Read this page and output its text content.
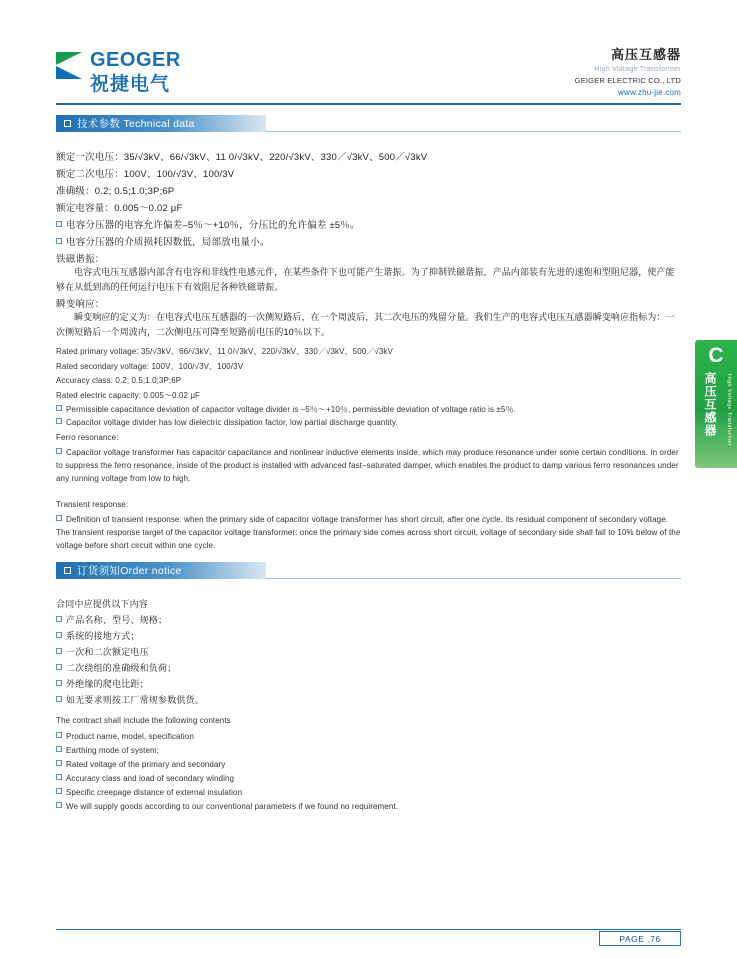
GEOGER
祝捷电气
高压互感器
High Voltage Transformer
GEIGER ELECTRIC CO., LTD
www.zhu-jie.com
技术参数 Technical data
额定一次电压：35/√3kV、66/√3kV、11 0/√3kV、220/√3kV、330／√3kV、500／√3kV
额定二次电压：100V、100/√3V、100/3V
准确级：0.2; 0.5;1.0;3P;6P
额定电容量：0.005～0.02 μF
电容分压器的电容允许偏差–5％～+10％，分压比的允许偏差 ±5％。
电容分压器的介质损耗因数低，局部放电量小。
铁磁谐振：
电容式电压互感器内部含有电容和非线性电感元件，在某些条件下也可能产生谐振。为了抑制铁磁谐振，产品内部装有先进的速饱和型阻尼器，使产能够在从低到高的任何运行电压下有效阻尼各种铁磁谐振。
瞬变响应：
瞬变响应的定义为：在电容式电压互感器的一次侧短路后，在一个周波后，其二次电压的残留分量。我们生产的电容式电压互感器瞬变响应指标为：一次侧短路后一个周波内，二次侧电压可降至短路前电压的10％以下。
Rated primary voltage: 35/√3kV、66/√3kV、11 0/√3kV、220/√3kV、330／√3kV、500／√3kV
Rated secondary voltage: 100V、100/√3V、100/3V
Accuracy class: 0.2; 0.5;1.0;3P;6P
Rated electric capacity: 0.005～0.02 μF
Permissible capacitance deviation of capacitor voltage divider is –5％～+10％, permissible deviation of voltage ratio is ±5％.
Capacitor voltage divider has low dielectric dissipation factor, low partial discharge quantity.
Ferro resonance:
Capacitor voltage transformer has capacitor capacitance and nonlinear inductive elements inside, which may produce resonance under some certain conditions. In order to suppress the ferro resonance, inside of the product is installed with advanced fast–saturated damper, which enables the product to damp various ferro resonances under any running voltage from low to high.
Transient response:
Definition of transient response: when the primary side of capacitor voltage transformer has short circuit, after one cycle, its residual component of secondary voltage. The transient response target of the capacitor voltage transformer: once the primary side comes across short circuit, voltage of secondary side shall fall to 10% below of the voltage before short circuit within one cycle.
C
高压互感器 High Voltage Transformer
订货须知Order notice
合同中应提供以下内容
产品名称、型号、规格；
系统的接地方式；
一次和二次额定电压
二次绕组的准确级和负荷；
外绝缘的爬电比距；
如无要求则按工厂常规参数供货。
The contract shall include the following contents
Product name, model, specification
Earthing mode of system;
Rated voltage of the primary and secondary
Accuracy class and load of secondary winding
Specific creepage distance of external insulation
We will supply goods according to our conventional parameters if we found no requirement.
PAGE .76
